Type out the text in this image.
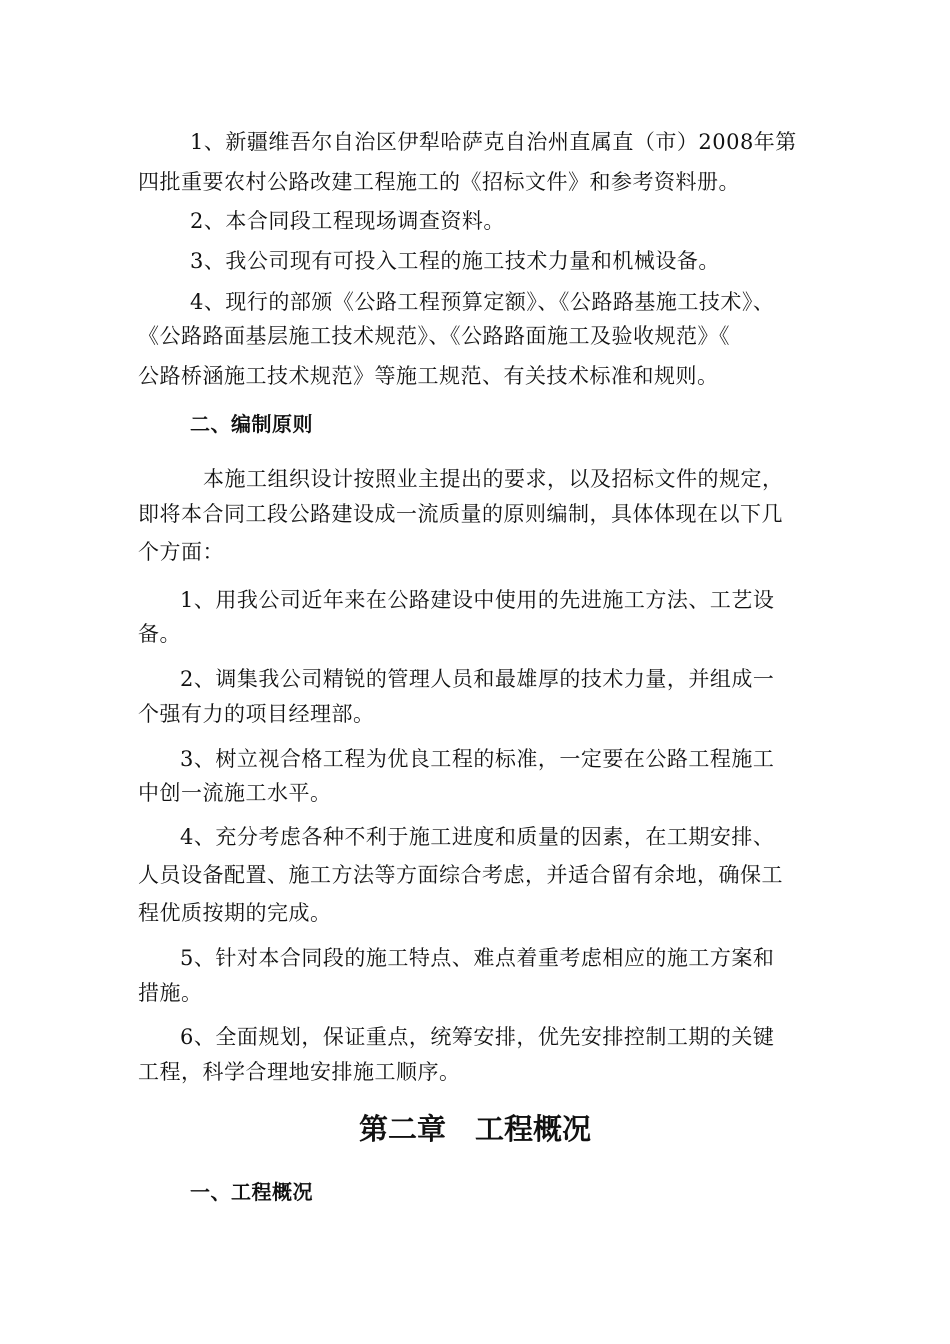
1、新疆维吾尔自治区伊犁哈萨克自治州直属直（市）2008年第
四批重要农村公路改建工程施工的《招标文件》和参考资料册。
2、本合同段工程现场调查资料。
3、我公司现有可投入工程的施工技术力量和机械设备。
4、现行的部颁《公路工程预算定额》、《公路路基施工技术》、
《公路路面基层施工技术规范》、《公路路面施工及验收规范》《
公路桥涵施工技术规范》等施工规范、有关技术标准和规则。
二、编制原则
本施工组织设计按照业主提出的要求，以及招标文件的规定，
即将本合同工段公路建设成一流质量的原则编制，具体体现在以下几
个方面：
1、用我公司近年来在公路建设中使用的先进施工方法、工艺设
备。
2、调集我公司精锐的管理人员和最雄厚的技术力量，并组成一
个强有力的项目经理部。
3、树立视合格工程为优良工程的标准，一定要在公路工程施工
中创一流施工水平。
4、充分考虑各种不利于施工进度和质量的因素，在工期安排、
人员设备配置、施工方法等方面综合考虑，并适合留有余地，确保工
程优质按期的完成。
5、针对本合同段的施工特点、难点着重考虑相应的施工方案和
措施。
6、全面规划，保证重点，统筹安排，优先安排控制工期的关键
工程，科学合理地安排施工顺序。
第二章　工程概况
一、工程概况
